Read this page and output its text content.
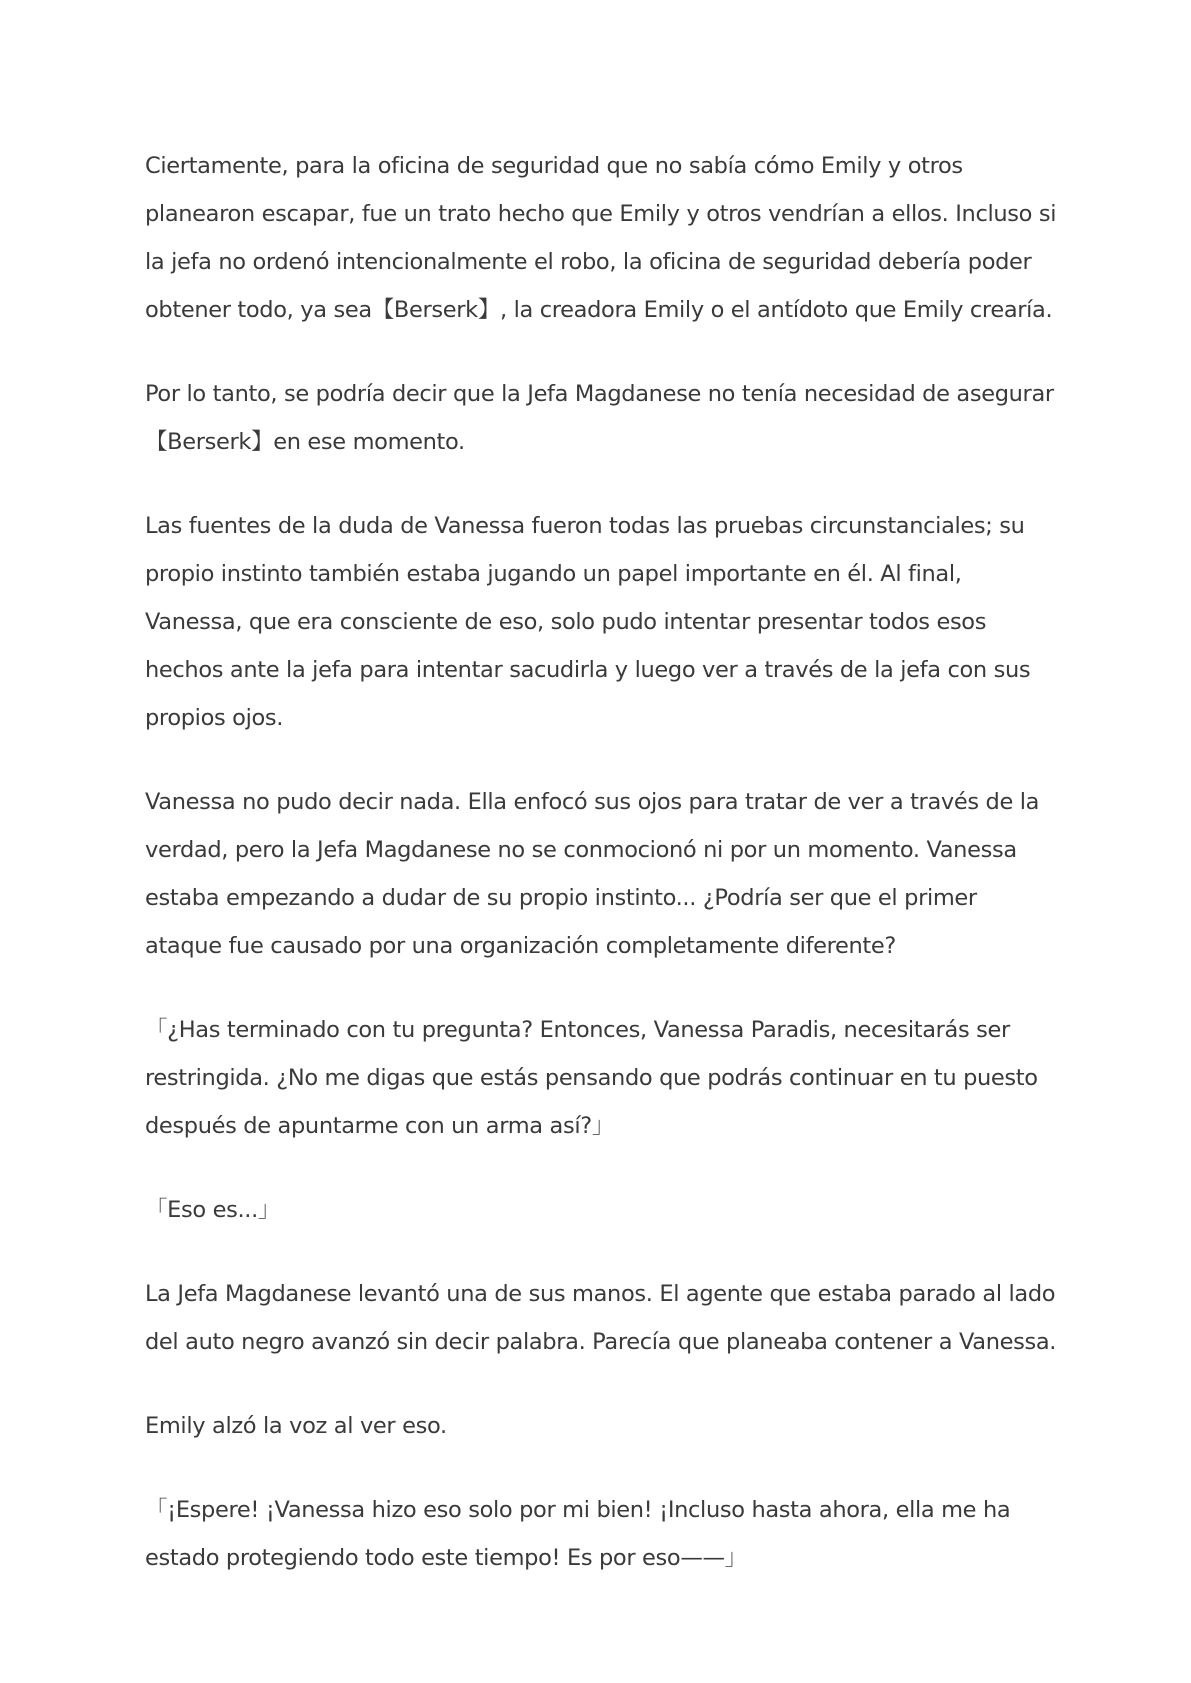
Ciertamente, para la oficina de seguridad que no sabía cómo Emily y otros planearon escapar, fue un trato hecho que Emily y otros vendrían a ellos. Incluso si la jefa no ordenó intencionalmente el robo, la oficina de seguridad debería poder obtener todo, ya sea【Berserk】, la creadora Emily o el antídoto que Emily crearía.

Por lo tanto, se podría decir que la Jefa Magdanese no tenía necesidad de asegurar【Berserk】en ese momento.

Las fuentes de la duda de Vanessa fueron todas las pruebas circunstanciales; su propio instinto también estaba jugando un papel importante en él. Al final, Vanessa, que era consciente de eso, solo pudo intentar presentar todos esos hechos ante la jefa para intentar sacudirla y luego ver a través de la jefa con sus propios ojos.

Vanessa no pudo decir nada. Ella enfocó sus ojos para tratar de ver a través de la verdad, pero la Jefa Magdanese no se conmocionó ni por un momento. Vanessa estaba empezando a dudar de su propio instinto... ¿Podría ser que el primer ataque fue causado por una organización completamente diferente?

「¿Has terminado con tu pregunta? Entonces, Vanessa Paradis, necesitarás ser restringida. ¿No me digas que estás pensando que podrás continuar en tu puesto después de apuntarme con un arma así?」

「Eso es...」

La Jefa Magdanese levantó una de sus manos. El agente que estaba parado al lado del auto negro avanzó sin decir palabra. Parecía que planeaba contener a Vanessa.

Emily alzó la voz al ver eso.

「¡Espere! ¡Vanessa hizo eso solo por mi bien! ¡Incluso hasta ahora, ella me ha estado protegiendo todo este tiempo! Es por eso——」
